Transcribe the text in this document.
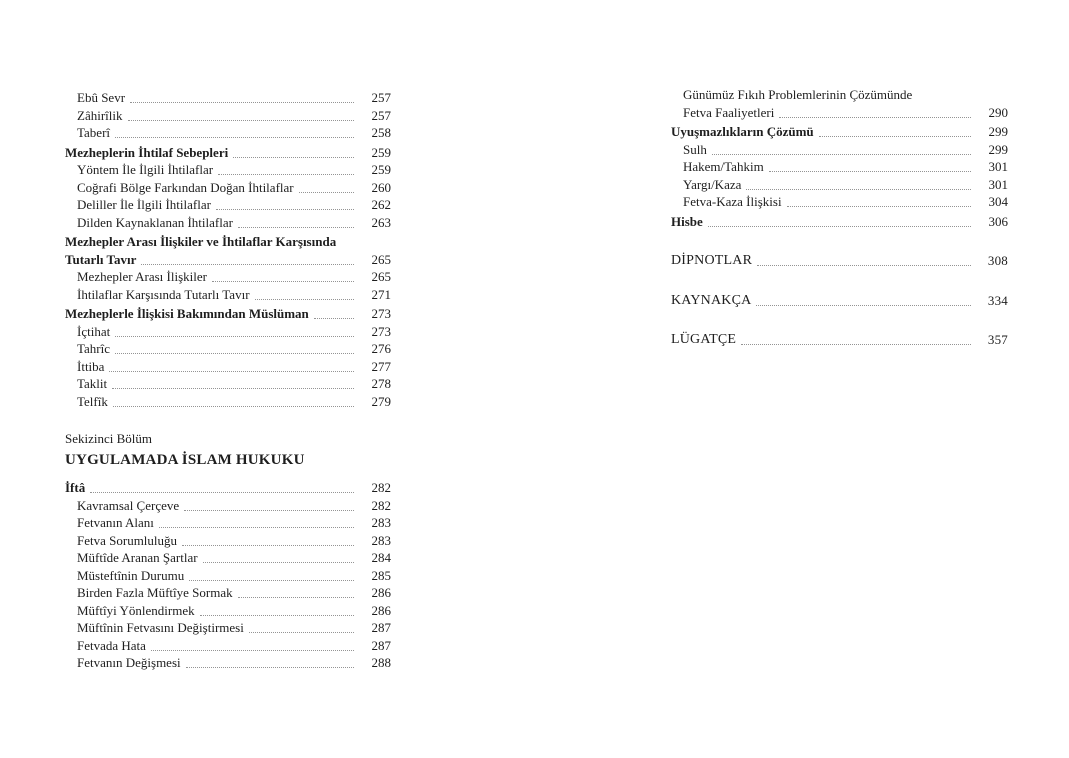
Ebû Sevr	257
Zâhirîlik	257
Taberî	258
Mezheplerin İhtilaf Sebepleri	259
Yöntem İle İlgili İhtilaflar	259
Coğrafi Bölge Farkından Doğan İhtilaflar	260
Deliller İle İlgili İhtilaflar	262
Dilden Kaynaklanan İhtilaflar	263
Mezhepler Arası İlişkiler ve İhtilaflar Karşısında
Tutarlı Tavır	265
Mezhepler Arası İlişkiler	265
İhtilaflar Karşısında Tutarlı Tavır	271
Mezheplerle İlişkisi Bakımından Müslüman	273
İçtihat	273
Tahrîc	276
İttiba	277
Taklit	278
Telfîk	279
Sekizinci Bölüm
UYGULAMADA İSLAM HUKUKU
İftâ	282
Kavramsal Çerçeve	282
Fetvanın Alanı	283
Fetva Sorumluluğu	283
Müftîde Aranan Şartlar	284
Müsteftînin Durumu	285
Birden Fazla Müftîye Sormak	286
Müftîyi Yönlendirmek	286
Müftînin Fetvasını Değiştirmesi	287
Fetvada Hata	287
Fetvanın Değişmesi	288
Günümüz Fıkıh Problemlerinin Çözümünde
Fetva Faaliyetleri	290
Uyuşmazlıkların Çözümü	299
Sulh	299
Hakem/Tahkim	301
Yargı/Kaza	301
Fetva-Kaza İlişkisi	304
Hisbe	306
DİPNOTLAR	308
KAYNAKÇA	334
LÜGATÇE	357
